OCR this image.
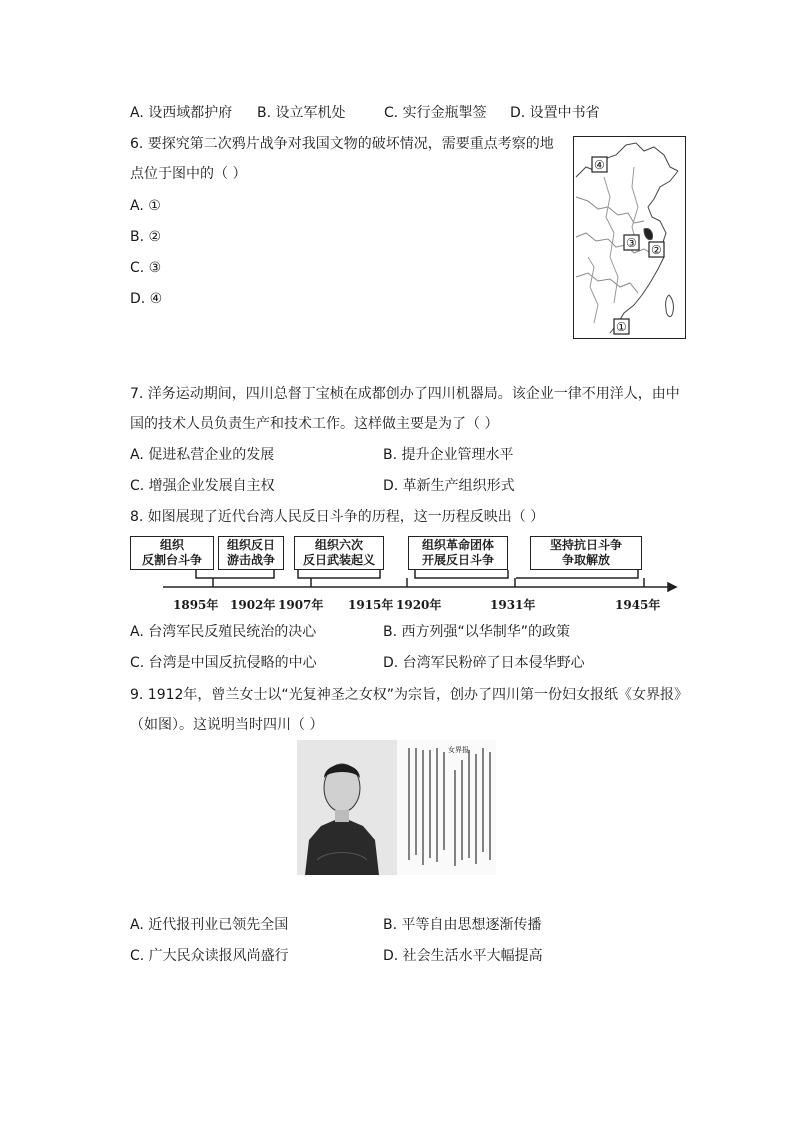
A. 设西域都护府 B. 设立军机处	C. 实行金瓶掣签 D. 设置中书省
6. 要探究第二次鸦片战争对我国文物的破坏情况，需要重点考察的地
点位于图中的（ ）
A. ①
B. ②
C. ③
D. ④
④
③ ②
①
7. 洋务运动期间，四川总督丁宝桢在成都创办了四川机器局。该企业一律不用洋人，由中
国的技术人员负责生产和技术工作。这样做主要是为了（ ）
A. 促进私营企业的发展	B. 提升企业管理水平
C. 增强企业发展自主权	D. 革新生产组织形式
8. 如图展现了近代台湾人民反日斗争的历程，这一历程反映出（ ）
组织
反割台斗争
组织反日
游击战争
组织六次
反日武装起义
组织革命团体
开展反日斗争
坚持抗日斗争
争取解放
1895年 1902年 1907年 1915年 1920年	1931年	1945年
A. 台湾军民反殖民统治的决心	B. 西方列强“以华制华”的政策
C. 台湾是中国反抗侵略的中心	D. 台湾军民粉碎了日本侵华野心
9. 1912年，曾兰女士以“光复神圣之女权”为宗旨，创办了四川第一份妇女报纸《女界报》
（如图）。这说明当时四川（ ）
女界报
A. 近代报刊业已领先全国	B. 平等自由思想逐渐传播
C. 广大民众读报风尚盛行	D. 社会生活水平大幅提高
